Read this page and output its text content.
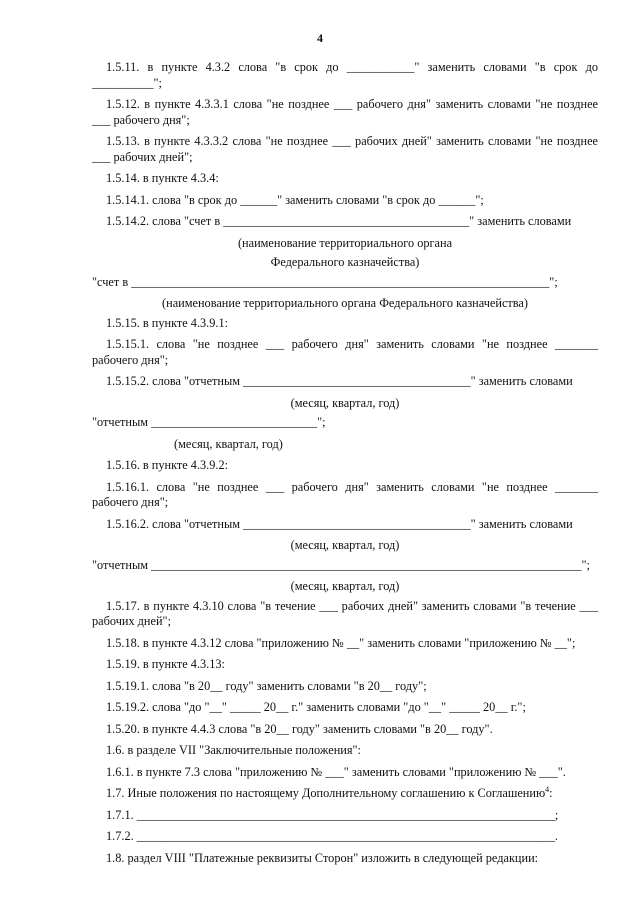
4

1.5.11. в пункте 4.3.2 слова "в срок до ___________" заменить словами "в срок до __________";

1.5.12. в пункте 4.3.3.1 слова "не позднее ___ рабочего дня" заменить словами "не позднее ___ рабочего дня";

1.5.13. в пункте 4.3.3.2 слова "не позднее ___ рабочих дней" заменить словами "не позднее ___ рабочих дней";

1.5.14. в пункте 4.3.4:

1.5.14.1. слова "в срок до ______" заменить словами "в срок до ______";

1.5.14.2. слова "счет в ________________________________________" заменить словами

(наименование территориального органа

Федерального казначейства)

"счет в ____________________________________________________________________";

(наименование территориального органа Федерального казначейства)

1.5.15. в пункте 4.3.9.1:

1.5.15.1. слова "не позднее ___ рабочего дня" заменить словами "не позднее _______ рабочего дня";

1.5.15.2. слова "отчетным _____________________________________" заменить словами

(месяц, квартал, год)

"отчетным ___________________________";

(месяц, квартал, год)

1.5.16. в пункте 4.3.9.2:

1.5.16.1. слова "не позднее ___ рабочего дня" заменить словами "не позднее _______ рабочего дня";

1.5.16.2. слова "отчетным _____________________________________" заменить словами

(месяц, квартал, год)

"отчетным ______________________________________________________________________";

(месяц, квартал, год)

1.5.17. в пункте 4.3.10 слова "в течение ___ рабочих дней" заменить словами "в течение ___ рабочих дней";

1.5.18. в пункте 4.3.12 слова "приложению № __" заменить словами "приложению № __";

1.5.19. в пункте 4.3.13:

1.5.19.1. слова "в 20__ году" заменить словами "в 20__ году";

1.5.19.2. слова "до "__" _____ 20__ г." заменить словами "до "__" _____ 20__ г.";

1.5.20. в пункте 4.4.3 слова "в 20__ году" заменить словами "в 20__ году".

1.6. в разделе VII "Заключительные положения":

1.6.1. в пункте 7.3 слова "приложению № ___" заменить словами "приложению № ___".

1.7. Иные положения по настоящему Дополнительному соглашению к Соглашению$^4$:

1.7.1. ____________________________________________________________________;

1.7.2. ____________________________________________________________________.

1.8. раздел VIII "Платежные реквизиты Сторон" изложить в следующей редакции:
